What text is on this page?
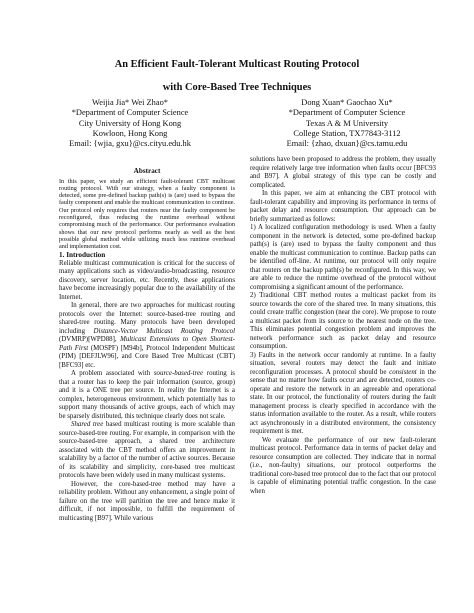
An Efficient Fault-Tolerant Multicast Routing Protocol
with Core-Based Tree Techniques
Weijia Jia* Wei Zhao*
*Department of Computer Science
City University of Hong Kong
Kowloon, Hong Kong
Email: {wjia, gxu}@cs.cityu.edu.hk
Dong Xuan* Gaochao Xu*
*Department of Computer Science
Texas A & M University
College Station, TX77843-3112
Email: {zhao, dxuan}@cs.tamu.edu
Abstract

In this paper, we study an efficient fault-tolerant CBT multicast routing protocol. With our strategy, when a faulty component is detected, some pre-defined backup path(s) is (are) used to bypass the faulty component and enable the multicast communication to continue. Our protocol only requires that routers near the faulty component be reconfigured, thus reducing the runtime overhead without compromising much of the performance. Our performance evaluation shows that our new protocol performs nearly as well as the best possible global method while utilizing much less runtime overhead and implementation cost.

1. Introduction

Reliable multicast communication is critical for the success of many applications such as video/audio-broadcasting, resource discovery, server location, etc. Recently, these applications have become increasingly popular due to the availability of the Internet.

In general, there are two approaches for multicast routing protocols over the Internet: source-based-tree routing and shared-tree routing. Many protocols have been developed including Distance-Vector Multicast Routing Protocol (DVMRP)[WPD88], Multicast Extensions to Open Shortest-Path First (MOSPF) [M94b], Protocol Independent Multicast (PIM) [DEFJLW96], and Core Based Tree Multicast (CBT) [BFC93] etc.

A problem associated with source-based-tree routing is that a router has to keep the pair information (source, group) and it is a ONE tree per source. In reality the Internet is a complex, heterogeneous environment, which potentially has to support many thousands of active groups, each of which may be sparsely distributed, this technique clearly does not scale.

Shared tree based multicast routing is more scalable than source-based-tree routing. For example, in comparison with the source-based-tree approach, a shared tree architecture associated with the CBT method offers an improvement in scalability by a factor of the number of active sources. Because of its scalability and simplicity, core-based tree multicast protocols have been widely used in many multicast systems.

However, the core-based-tree method may have a reliability problem. Without any enhancement, a single point of failure on the tree will partition the tree and hence make it difficult, if not impossible, to fulfill the requirement of multicasting [B97]. While various

solutions have been proposed to address the problem, they usually require relatively large tree information when faults occur [BFC93 and B97]. A global strategy of this type can be costly and complicated.

In this paper, we aim at enhancing the CBT protocol with fault-tolerant capability and improving its performance in terms of packet delay and resource consumption. Our approach can be briefly summarized as follows:

1) A localized configuration methodology is used. When a faulty component in the network is detected, some pre-defined backup path(s) is (are) used to bypass the faulty component and thus enable the multicast communication to continue. Backup paths can be identified off-line. At runtime, our protocol will only require that routers on the backup path(s) be reconfigured. In this way, we are able to reduce the runtime overhead of the protocol without compromising a significant amount of the performance.

2) Traditional CBT method routes a multicast packet from its source towards the core of the shared tree. In many situations, this could create traffic congestion (near the core). We propose to route a multicast packet from its source to the nearest node on the tree. This eliminates potential congestion problem and improves the network performance such as packet delay and resource consumption.

3) Faults in the network occur randomly at runtime. In a faulty situation, several routers may detect the fault and initiate reconfiguration processes. A protocol should be consistent in the sense that no matter how faults occur and are detected, routers co-operate and restore the network in an agreeable and operational state. In our protocol, the functionality of routers during the fault management process is clearly specified in accordance with the status information available to the router. As a result, while routers act asynchronously in a distributed environment, the consistency requirement is met.

We evaluate the performance of our new fault-tolerant multicast protocol. Performance data in terms of packet delay and resource consumption are collected. They indicate that in normal (i.e., non-faulty) situations, our protocol outperforms the traditional core-based tree protocol due to the fact that our protocol is capable of eliminating potential traffic congestion. In the case when
